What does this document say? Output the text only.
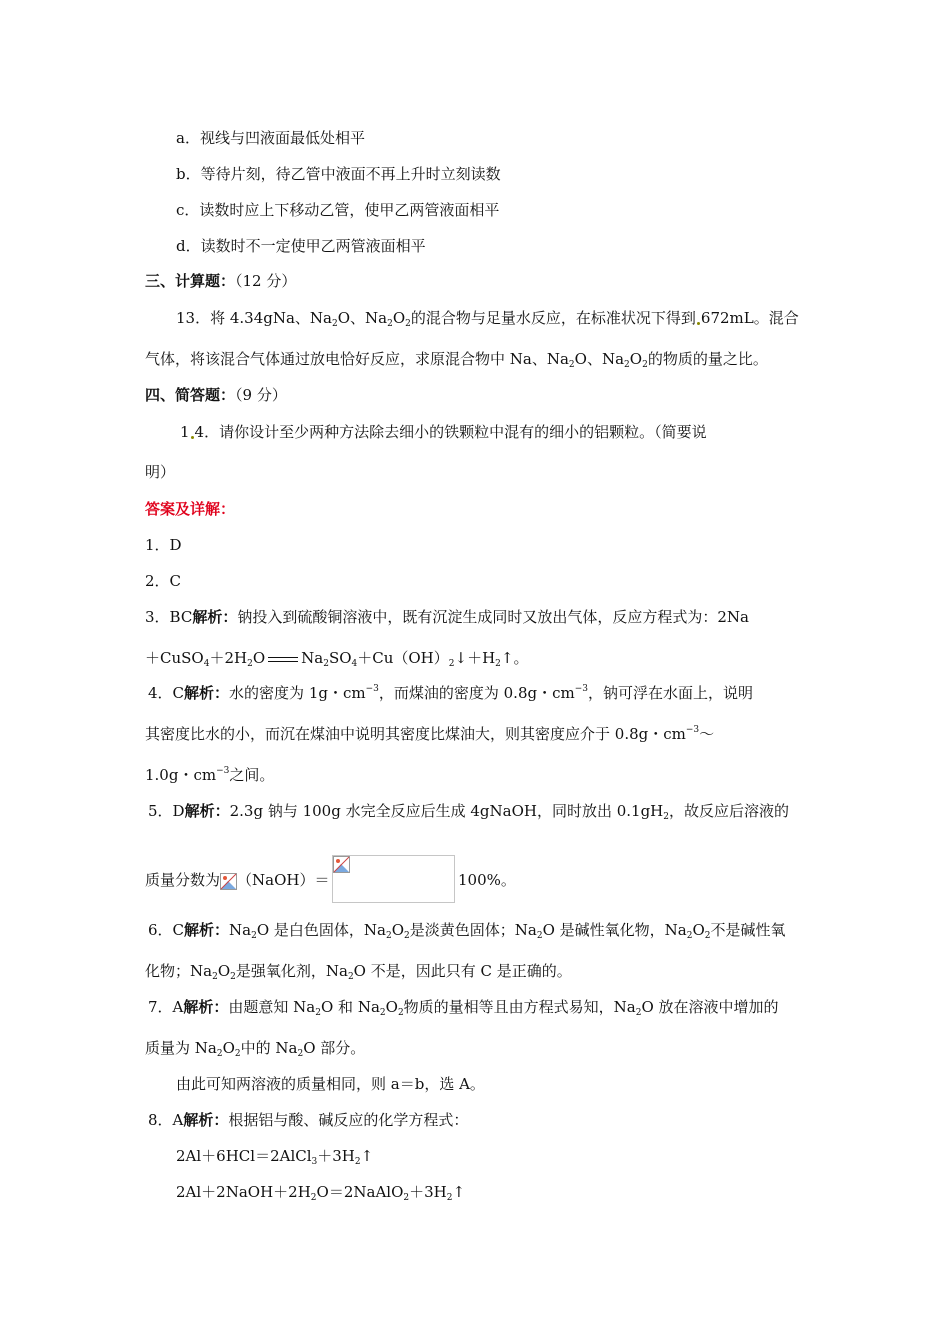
a．视线与凹液面最低处相平
b．等待片刻，待乙管中液面不再上升时立刻读数
c．读数时应上下移动乙管，使甲乙两管液面相平
d．读数时不一定使甲乙两管液面相平
三、计算题：（12 分）
13．将 4.34gNa、$Na_2O$、$Na_2O_2$的混合物与足量水反应，在标准状况下得到 672mL。混合
气体，将该混合气体通过放电恰好反应，求原混合物中 Na、$Na_2O$、$Na_2O_2$的物质的量之比。
四、简答题：（9 分）
1 4．请你设计至少两种方法除去细小的铁颗粒中混有的细小的铝颗粒。（简要说
明）
答案及详解：
1．D
2．C
3．BC解析：钠投入到硫酸铜溶液中，既有沉淀生成同时又放出气体，反应方程式为：2Na
$+CuSO_4+2H_2O$ $Na_2SO_4+Cu(OH)_2↓+H_2↑$。
4．C解析：水的密度为 1g・$cm^{-3}$，而煤油的密度为 0.8g・$cm^{-3}$，钠可浮在水面上，说明
其密度比水的小，而沉在煤油中说明其密度比煤油大，则其密度应介于 0.8g・$cm^{-3}\sim$
1.0g・$cm^{-3}$之间。
5．D解析：2.3g 钠与 100g 水完全反应后生成 4gNaOH，同时放出 $0.1gH_2$，故反应后溶液的
质量分数为 （NaOH）＝	100%。
6．C解析：$Na_2O$ 是白色固体，$Na_2O_2$是淡黄色固体；$Na_2O$ 是碱性氧化物，$Na_2O_2$不是碱性氧
化物；$Na_2O_2$是强氧化剂，$Na_2O$ 不是，因此只有 C 是正确的。
7．A解析：由题意知 $Na_2O$ 和 $Na_2O_2$物质的量相等且由方程式易知，$Na_2O$ 放在溶液中增加的
质量为 $Na_2O_2$中的 $Na_2O$ 部分。
由此可知两溶液的质量相同，则 a＝b，选 A。
8．A解析：根据铝与酸、碱反应的化学方程式：
$2Al+6HCl=2AlCl_3+3H_2↑$
$2Al+2NaOH+2H_2O=2NaAlO_2+3H_2↑$
